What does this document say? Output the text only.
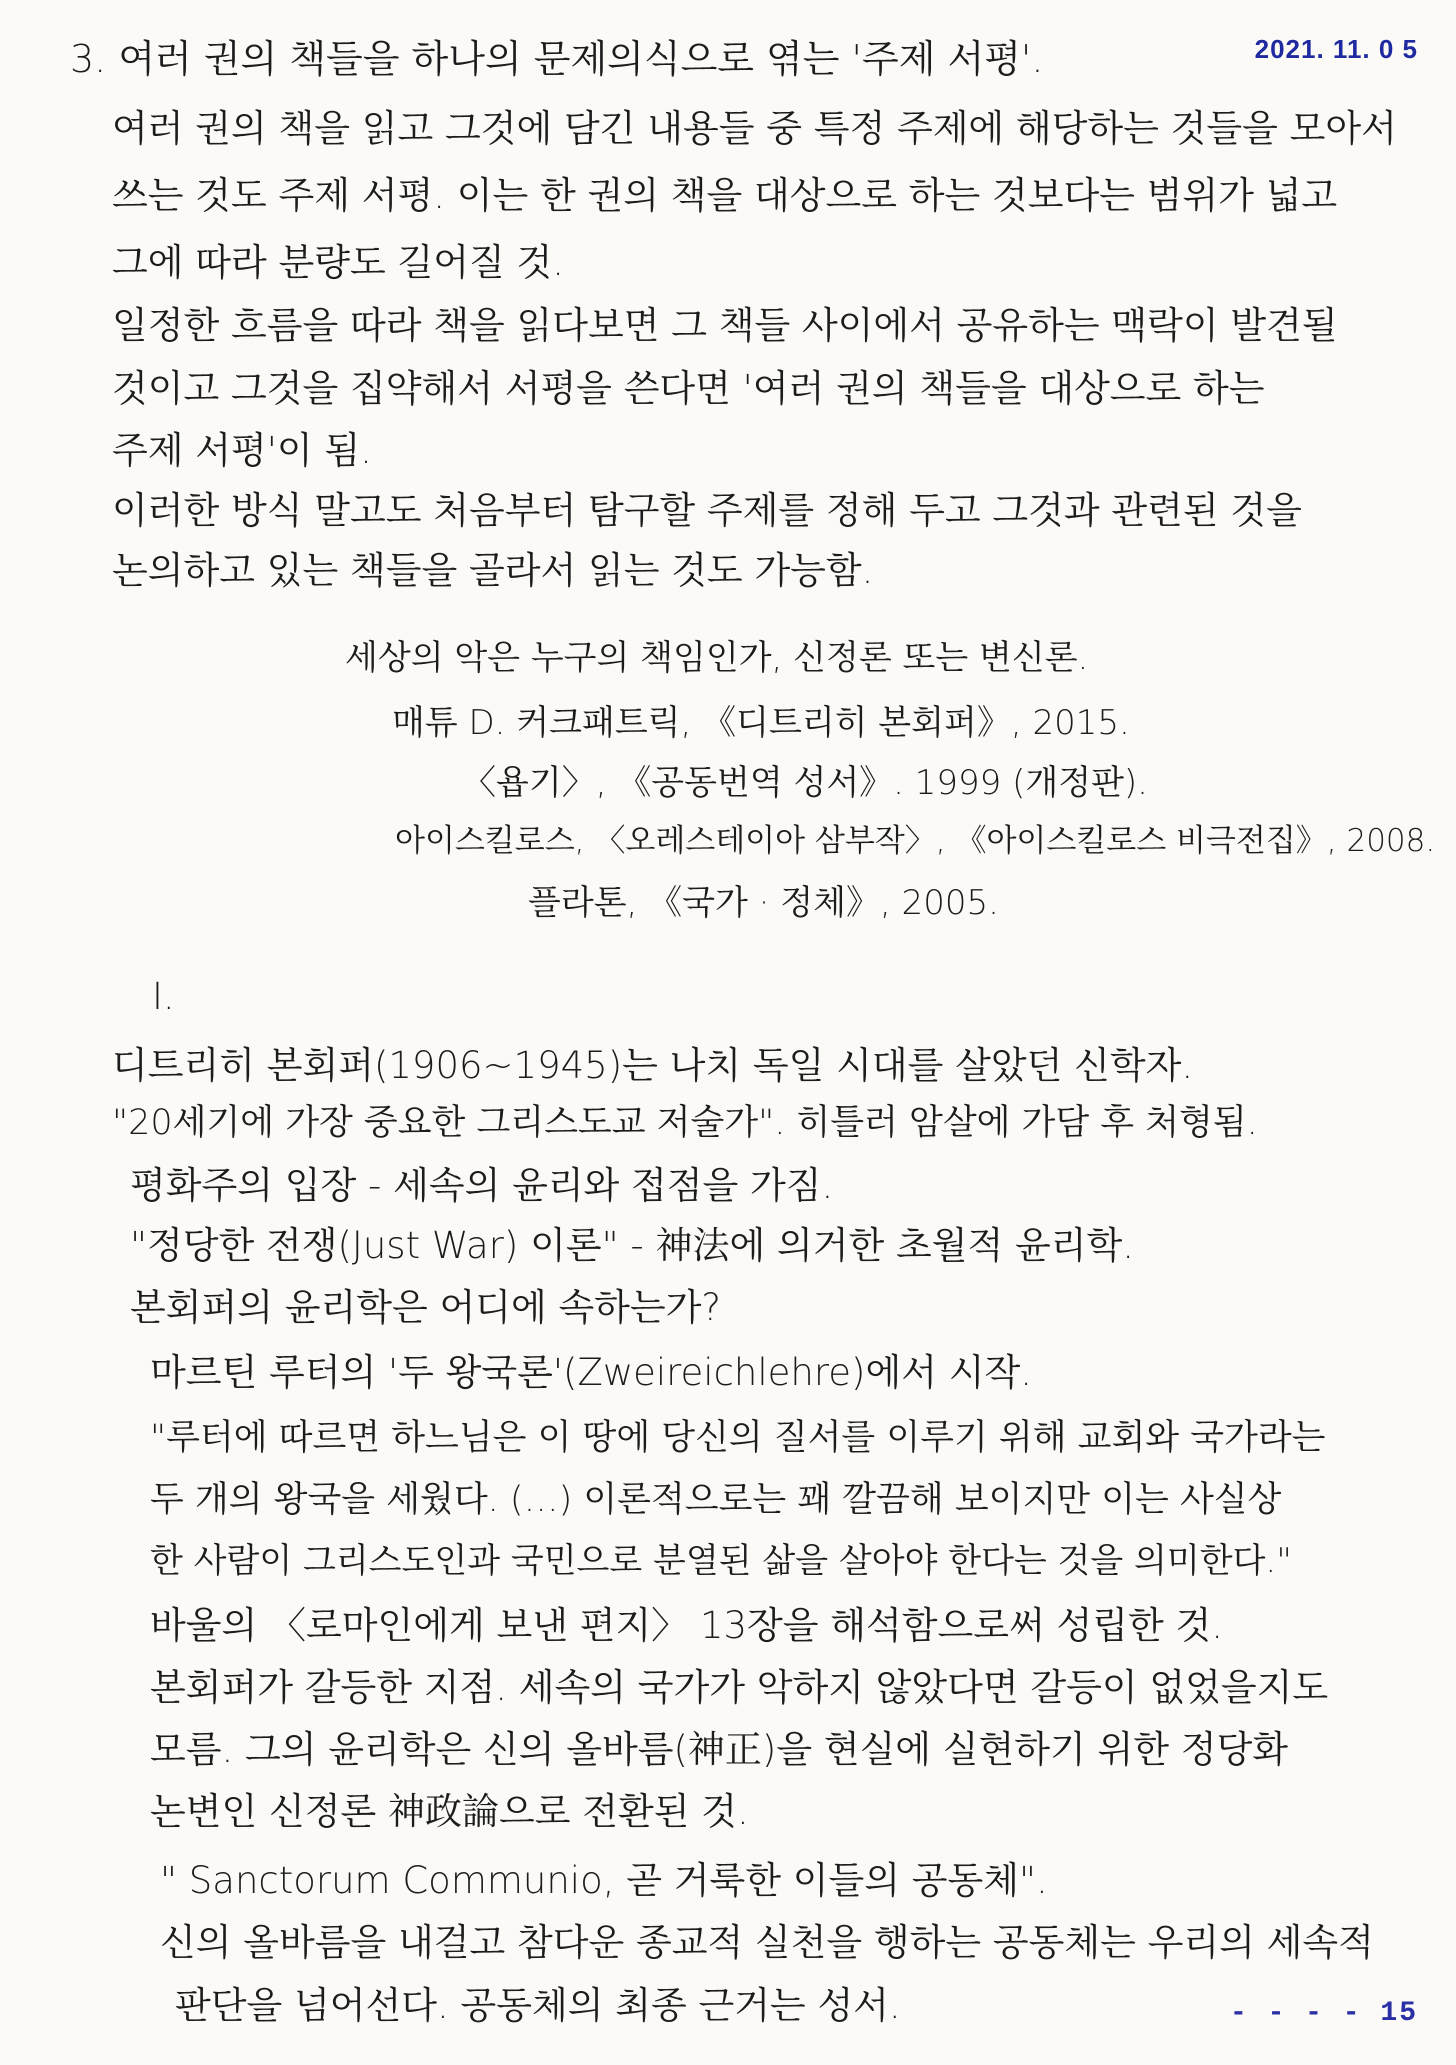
2021. 11. 0 5
3. 여러 권의 책들을 하나의 문제의식으로 엮는 '주제 서평'.
여러 권의 책을 읽고 그것에 담긴 내용들 중 특정 주제에 해당하는 것들을 모아서
쓰는 것도 주제 서평. 이는 한 권의 책을 대상으로 하는 것보다는 범위가 넓고
그에 따라 분량도 길어질 것.
일정한 흐름을 따라 책을 읽다보면 그 책들 사이에서 공유하는 맥락이 발견될
것이고 그것을 집약해서 서평을 쓴다면 '여러 권의 책들을 대상으로 하는
주제 서평'이 됨.
이러한 방식 말고도 처음부터 탐구할 주제를 정해 두고 그것과 관련된 것을
논의하고 있는 책들을 골라서 읽는 것도 가능함.
세상의 악은 누구의 책임인가, 신정론 또는 변신론.
매튜 D. 커크패트릭, 《디트리히 본회퍼》, 2015.
〈욥기〉, 《공동번역 성서》. 1999 (개정판).
아이스킬로스, 〈오레스테이아 삼부작〉, 《아이스킬로스 비극전집》, 2008.
플라톤, 《국가 · 정체》, 2005.
I.
디트리히 본회퍼(1906~1945)는 나치 독일 시대를 살았던 신학자.
"20세기에 가장 중요한 그리스도교 저술가". 히틀러 암살에 가담 후 처형됨.
평화주의 입장 - 세속의 윤리와 접점을 가짐.
"정당한 전쟁(Just War) 이론" - 神法에 의거한 초월적 윤리학.
본회퍼의 윤리학은 어디에 속하는가?
마르틴 루터의 '두 왕국론'(Zweireichlehre)에서 시작.
"루터에 따르면 하느님은 이 땅에 당신의 질서를 이루기 위해 교회와 국가라는
두 개의 왕국을 세웠다. (…) 이론적으로는 꽤 깔끔해 보이지만 이는 사실상
한 사람이 그리스도인과 국민으로 분열된 삶을 살아야 한다는 것을 의미한다."
바울의 〈로마인에게 보낸 편지〉 13장을 해석함으로써 성립한 것.
본회퍼가 갈등한 지점. 세속의 국가가 악하지 않았다면 갈등이 없었을지도
모름. 그의 윤리학은 신의 올바름(神正)을 현실에 실현하기 위한 정당화
논변인 신정론 神政論으로 전환된 것.
" Sanctorum Communio, 곧 거룩한 이들의 공동체".
신의 올바름을 내걸고 참다운 종교적 실천을 행하는 공동체는 우리의 세속적
판단을 넘어선다. 공동체의 최종 근거는 성서.	- - - - 15
